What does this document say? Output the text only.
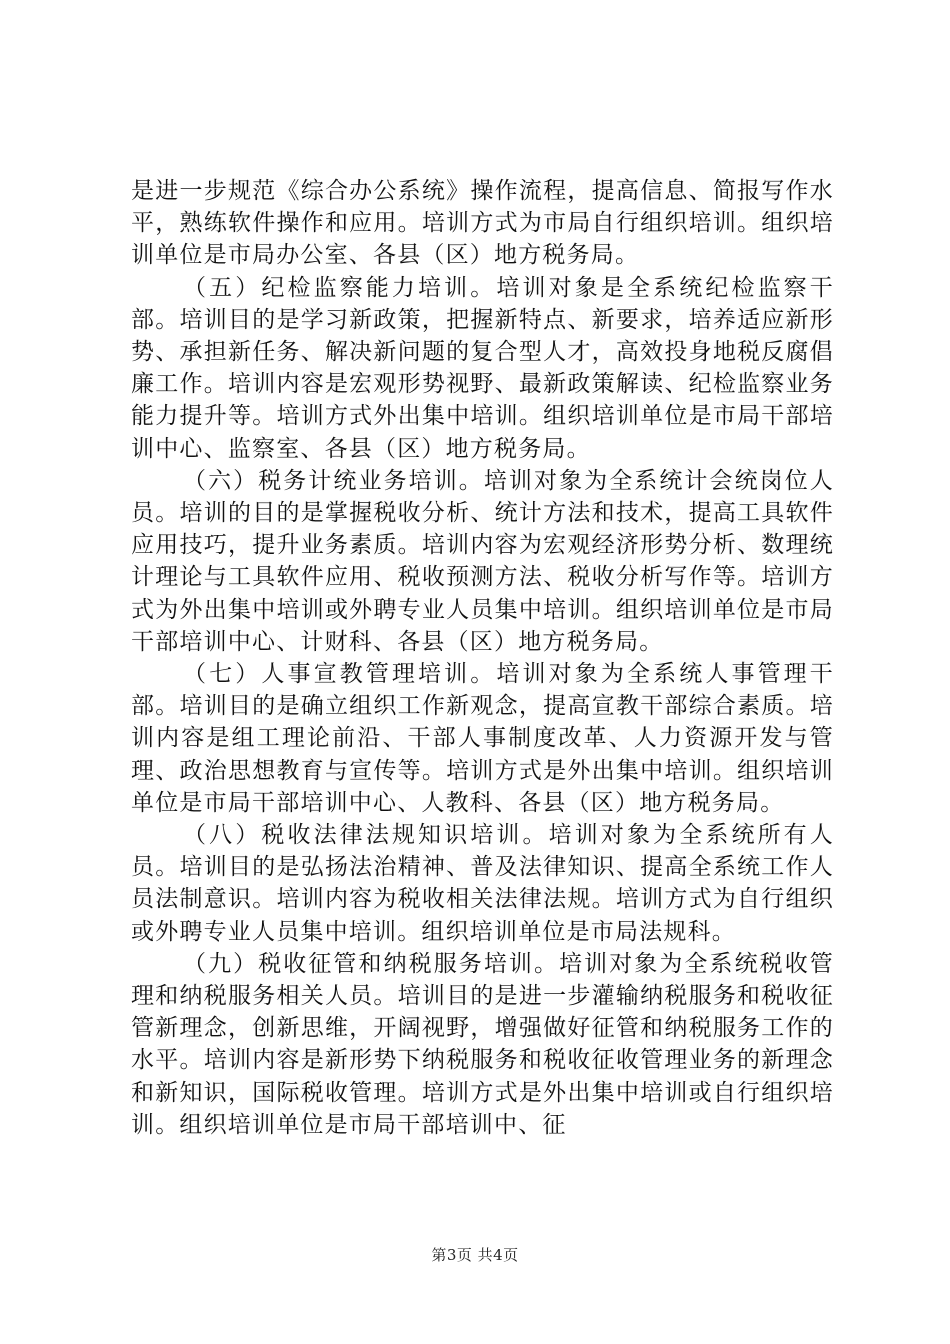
是进一步规范《综合办公系统》操作流程，提高信息、简报写作水平，熟练软件操作和应用。培训方式为市局自行组织培训。组织培训单位是市局办公室、各县（区）地方税务局。

（五）纪检监察能力培训。培训对象是全系统纪检监察干部。培训目的是学习新政策，把握新特点、新要求，培养适应新形势、承担新任务、解决新问题的复合型人才，高效投身地税反腐倡廉工作。培训内容是宏观形势视野、最新政策解读、纪检监察业务能力提升等。培训方式外出集中培训。组织培训单位是市局干部培训中心、监察室、各县（区）地方税务局。

（六）税务计统业务培训。培训对象为全系统计会统岗位人员。培训的目的是掌握税收分析、统计方法和技术，提高工具软件应用技巧，提升业务素质。培训内容为宏观经济形势分析、数理统计理论与工具软件应用、税收预测方法、税收分析写作等。培训方式为外出集中培训或外聘专业人员集中培训。组织培训单位是市局干部培训中心、计财科、各县（区）地方税务局。

（七）人事宣教管理培训。培训对象为全系统人事管理干部。培训目的是确立组织工作新观念，提高宣教干部综合素质。培训内容是组工理论前沿、干部人事制度改革、人力资源开发与管理、政治思想教育与宣传等。培训方式是外出集中培训。组织培训单位是市局干部培训中心、人教科、各县（区）地方税务局。

（八）税收法律法规知识培训。培训对象为全系统所有人员。培训目的是弘扬法治精神、普及法律知识、提高全系统工作人员法制意识。培训内容为税收相关法律法规。培训方式为自行组织或外聘专业人员集中培训。组织培训单位是市局法规科。

（九）税收征管和纳税服务培训。培训对象为全系统税收管理和纳税服务相关人员。培训目的是进一步灌输纳税服务和税收征管新理念，创新思维，开阔视野，增强做好征管和纳税服务工作的水平。培训内容是新形势下纳税服务和税收征收管理业务的新理念和新知识，国际税收管理。培训方式是外出集中培训或自行组织培训。组织培训单位是市局干部培训中、征

第3页 共4页
